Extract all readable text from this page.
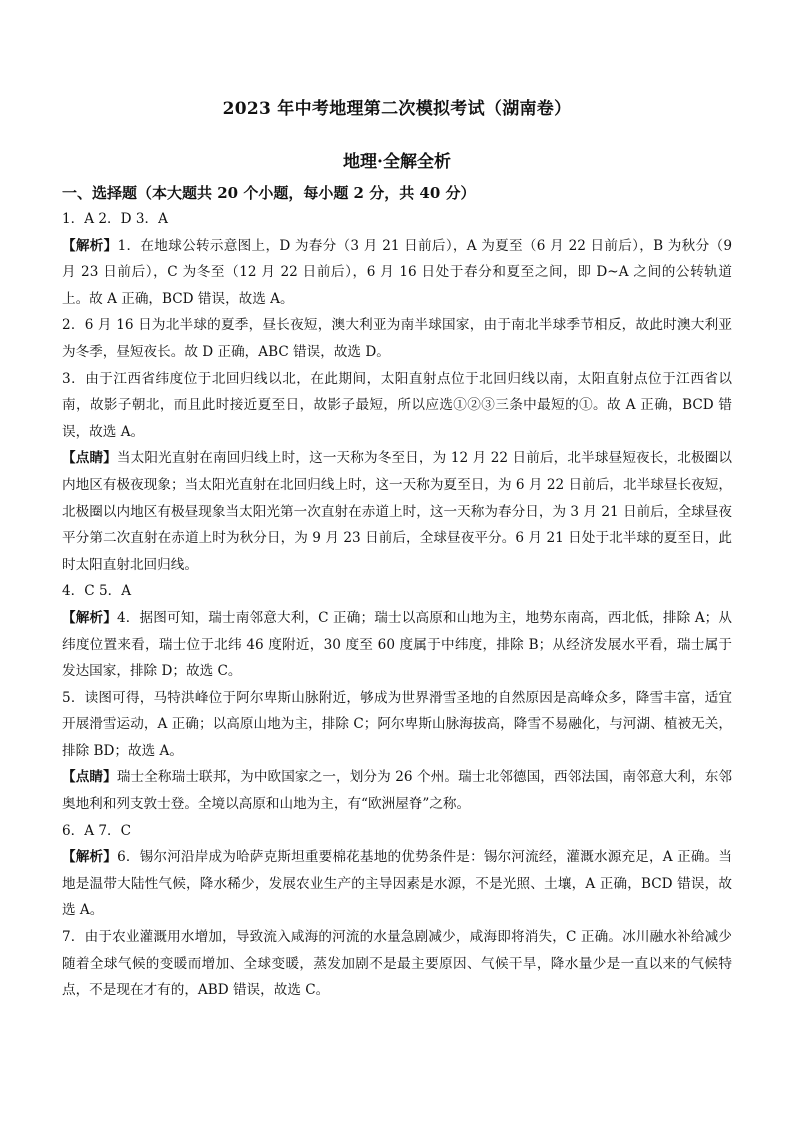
2023 年中考地理第二次模拟考试（湖南卷）
地理·全解全析

一、选择题（本大题共 20 个小题，每小题 2 分，共 40 分）

1．A 2．D 3．A

【解析】1．在地球公转示意图上，D 为春分（3 月 21 日前后），A 为夏至（6 月 22 日前后），B 为秋分（9 月 23 日前后），C 为冬至（12 月 22 日前后），6 月 16 日处于春分和夏至之间，即 D~A 之间的公转轨道上。故 A 正确，BCD 错误，故选 A。

2．6 月 16 日为北半球的夏季，昼长夜短，澳大利亚为南半球国家，由于南北半球季节相反，故此时澳大利亚为冬季，昼短夜长。故 D 正确，ABC 错误，故选 D。

3．由于江西省纬度位于北回归线以北，在此期间，太阳直射点位于北回归线以南，太阳直射点位于江西省以南，故影子朝北，而且此时接近夏至日，故影子最短，所以应选①②③三条中最短的①。故 A 正确，BCD 错误，故选 A。

【点睛】当太阳光直射在南回归线上时，这一天称为冬至日，为 12 月 22 日前后，北半球昼短夜长，北极圈以内地区有极夜现象；当太阳光直射在北回归线上时，这一天称为夏至日，为 6 月 22 日前后，北半球昼长夜短，北极圈以内地区有极昼现象当太阳光第一次直射在赤道上时，这一天称为春分日，为 3 月 21 日前后，全球昼夜平分第二次直射在赤道上时为秋分日，为 9 月 23 日前后，全球昼夜平分。6 月 21 日处于北半球的夏至日，此时太阳直射北回归线。

4．C 5．A

【解析】4．据图可知，瑞士南邻意大利，C 正确；瑞士以高原和山地为主，地势东南高，西北低，排除 A；从纬度位置来看，瑞士位于北纬 46 度附近，30 度至 60 度属于中纬度，排除 B；从经济发展水平看，瑞士属于发达国家，排除 D；故选 C。

5．读图可得，马特洪峰位于阿尔卑斯山脉附近，够成为世界滑雪圣地的自然原因是高峰众多，降雪丰富，适宜开展滑雪运动，A 正确；以高原山地为主，排除 C；阿尔卑斯山脉海拔高，降雪不易融化，与河湖、植被无关，排除 BD；故选 A。

【点睛】瑞士全称瑞士联邦，为中欧国家之一，划分为 26 个州。瑞士北邻德国，西邻法国，南邻意大利，东邻奥地利和列支敦士登。全境以高原和山地为主，有“欧洲屋脊”之称。

6．A 7．C

【解析】6．锡尔河沿岸成为哈萨克斯坦重要棉花基地的优势条件是：锡尔河流经，灌溉水源充足，A 正确。当地是温带大陆性气候，降水稀少，发展农业生产的主导因素是水源，不是光照、土壤，A 正确，BCD 错误，故选 A。

7．由于农业灌溉用水增加，导致流入咸海的河流的水量急剧减少，咸海即将消失，C 正确。冰川融水补给减少随着全球气候的变暖而增加、全球变暖，蒸发加剧不是最主要原因、气候干旱，降水量少是一直以来的气候特点，不是现在才有的，ABD 错误，故选 C。
